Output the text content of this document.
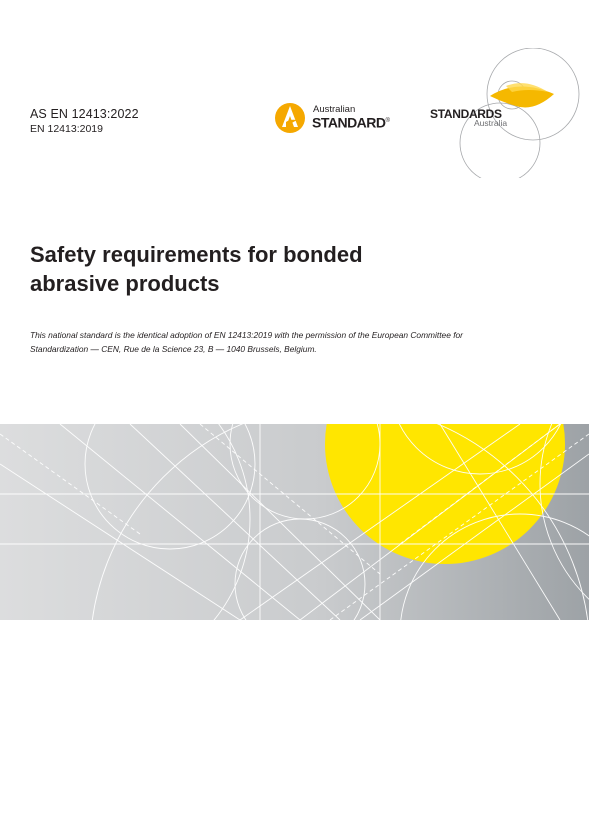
AS EN 12413:2022
EN 12413:2019
Australian
STANDARD®	STANDARDS
Australia
Safety requirements for bonded
abrasive products

This national standard is the identical adoption of EN 12413:2019 with the permission of the European Committee for
Standardization — CEN, Rue de la Science 23, B — 1040 Brussels, Belgium.
